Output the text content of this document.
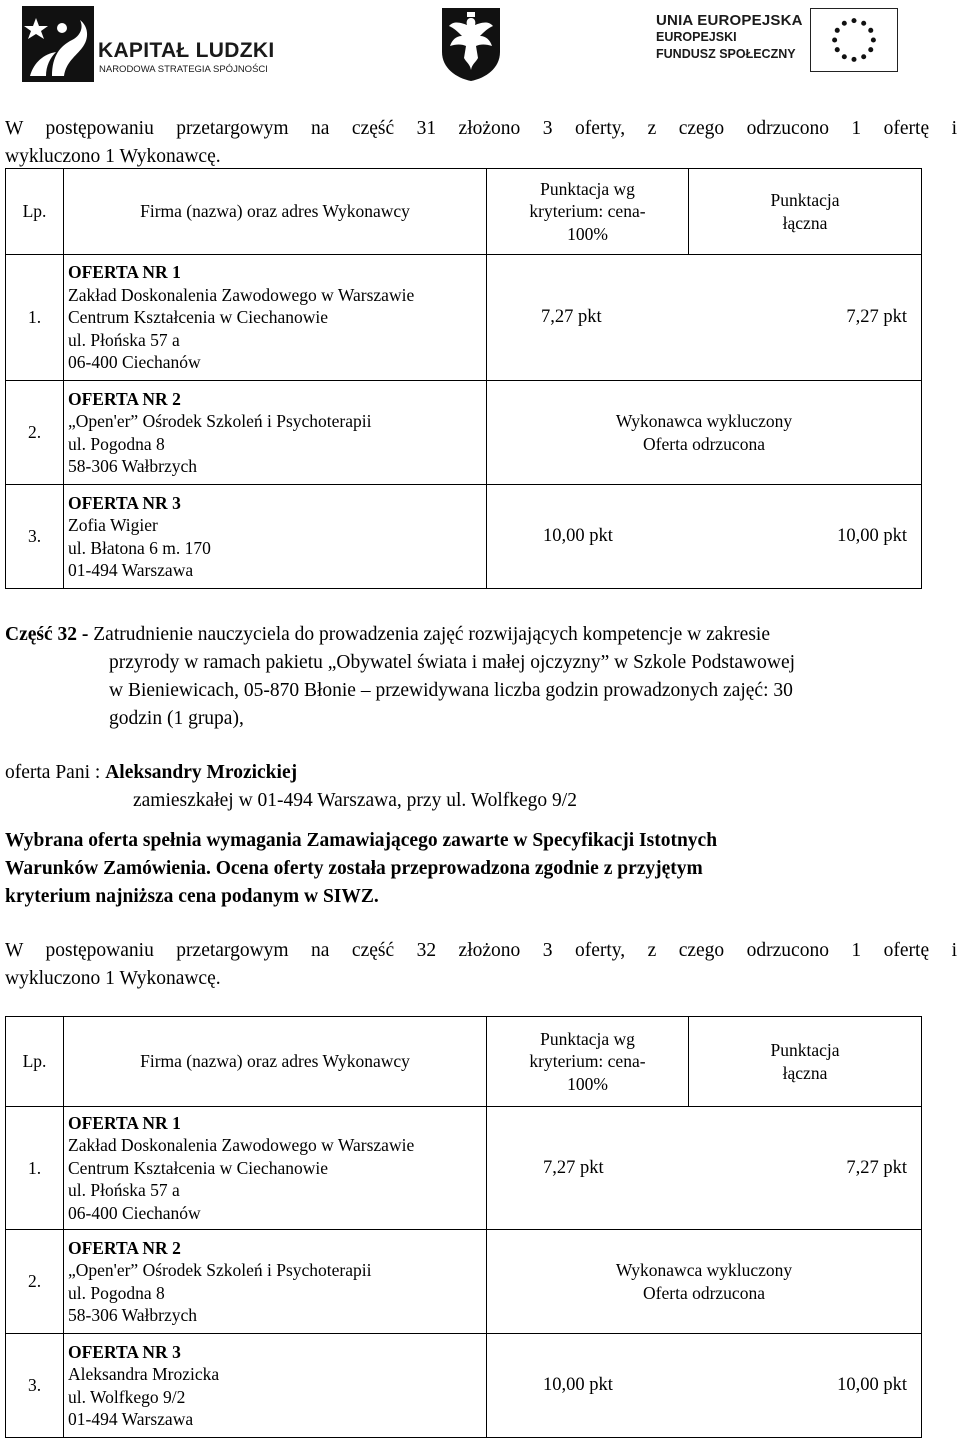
KAPITAŁ LUDZKI
NARODOWA STRATEGIA SPÓJNOŚCI
UNIA EUROPEJSKA
EUROPEJSKI
FUNDUSZ SPOŁECZNY
W postępowaniu przetargowym na część 31 złożono 3 oferty, z czego odrzucono 1 ofertę i
wykluczono 1 Wykonawcę.
Lp.	Firma (nazwa) oraz adres Wykonawcy	Punktacja wg
kryterium: cena-
100%	Punktacja
łączna

1.	OFERTA NR 1
Zakład Doskonalenia Zawodowego w Warszawie
Centrum Kształcenia w Ciechanowie
ul. Płońska 57 a
06-400 Ciechanów	7,27 pkt 7,27 pkt	

2.	OFERTA NR 2
„Open'er” Ośrodek Szkoleń i Psychoterapii
ul. Pogodna 8
58-306 Wałbrzych	Wykonawca wykluczony
Oferta odrzucona	

3.	OFERTA NR 3
Zofia Wigier
ul. Błatona 6 m. 170
01-494 Warszawa	10,00 pkt 10,00 pkt	
Część 32 - Zatrudnienie nauczyciela do prowadzenia zajęć rozwijających kompetencje w zakresie
przyrody w ramach pakietu „Obywatel świata i małej ojczyzny” w Szkole Podstawowej
w Bieniewicach, 05-870 Błonie – przewidywana liczba godzin prowadzonych zajęć: 30
godzin (1 grupa),
oferta Pani : Aleksandry Mrozickiej
zamieszkałej w 01-494 Warszawa, przy ul. Wolfkego 9/2
Wybrana oferta spełnia wymagania Zamawiającego zawarte w Specyfikacji Istotnych
Warunków Zamówienia. Ocena oferty została przeprowadzona zgodnie z przyjętym
kryterium najniższa cena podanym w SIWZ.
W postępowaniu przetargowym na część 32 złożono 3 oferty, z czego odrzucono 1 ofertę i
wykluczono 1 Wykonawcę.
Lp.	Firma (nazwa) oraz adres Wykonawcy	Punktacja wg
kryterium: cena-
100%	Punktacja
łączna

1.	OFERTA NR 1
Zakład Doskonalenia Zawodowego w Warszawie
Centrum Kształcenia w Ciechanowie
ul. Płońska 57 a
06-400 Ciechanów	7,27 pkt 7,27 pkt	

2.	OFERTA NR 2
„Open'er” Ośrodek Szkoleń i Psychoterapii
ul. Pogodna 8
58-306 Wałbrzych	Wykonawca wykluczony
Oferta odrzucona	

3.	OFERTA NR 3
Aleksandra Mrozicka
ul. Wolfkego 9/2
01-494 Warszawa	10,00 pkt 10,00 pkt	
